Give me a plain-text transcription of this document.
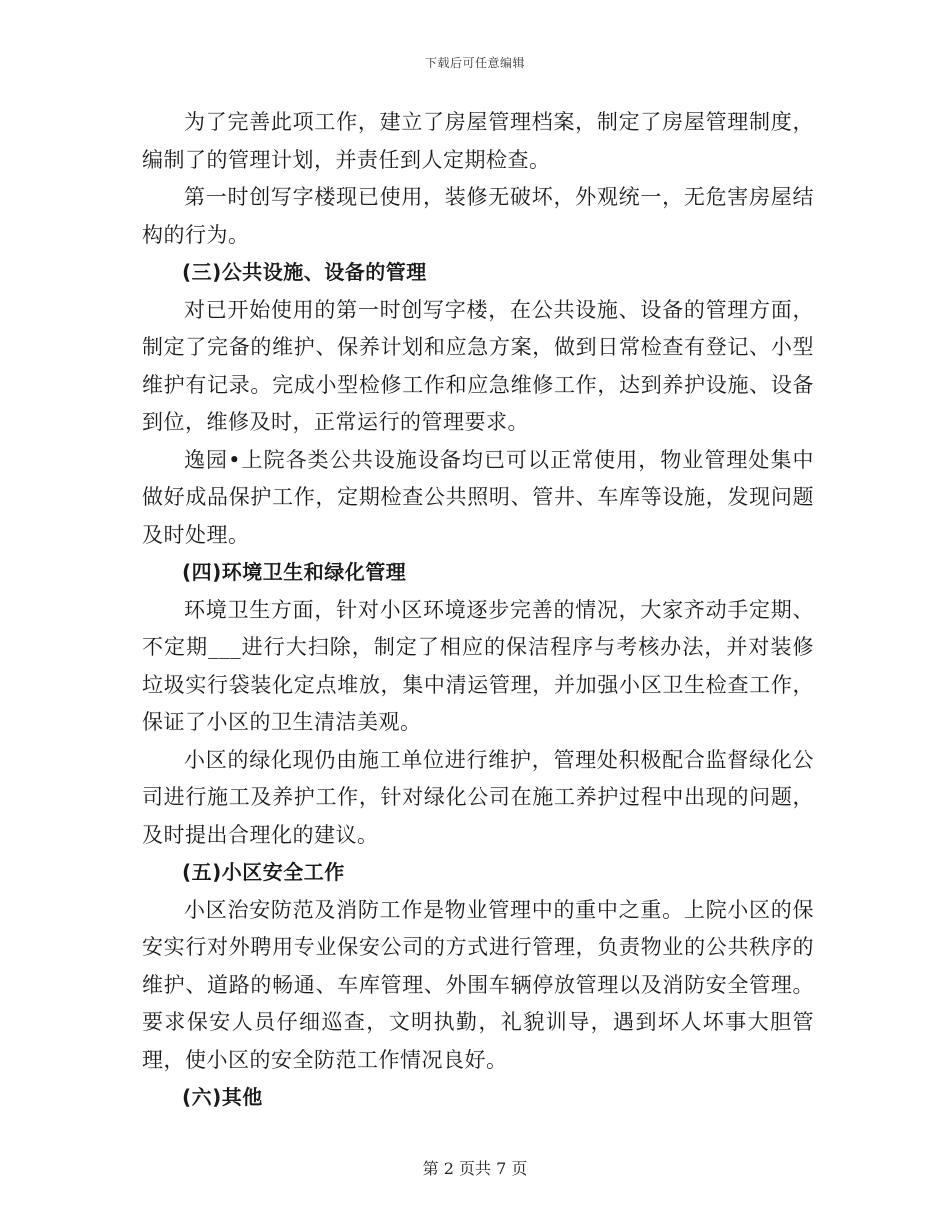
下载后可任意编辑

为了完善此项工作，建立了房屋管理档案，制定了房屋管理制度，编制了的管理计划，并责任到人定期检查。

第一时创写字楼现已使用，装修无破坏，外观统一，无危害房屋结构的行为。

(三)公共设施、设备的管理

对已开始使用的第一时创写字楼，在公共设施、设备的管理方面，制定了完备的维护、保养计划和应急方案，做到日常检查有登记、小型维护有记录。完成小型检修工作和应急维修工作，达到养护设施、设备到位，维修及时，正常运行的管理要求。

逸园•上院各类公共设施设备均已可以正常使用，物业管理处集中做好成品保护工作，定期检查公共照明、管井、车库等设施，发现问题及时处理。

(四)环境卫生和绿化管理

环境卫生方面，针对小区环境逐步完善的情况，大家齐动手定期、不定期___进行大扫除，制定了相应的保洁程序与考核办法，并对装修垃圾实行袋装化定点堆放，集中清运管理，并加强小区卫生检查工作，保证了小区的卫生清洁美观。

小区的绿化现仍由施工单位进行维护，管理处积极配合监督绿化公司进行施工及养护工作，针对绿化公司在施工养护过程中出现的问题，及时提出合理化的建议。

(五)小区安全工作

小区治安防范及消防工作是物业管理中的重中之重。上院小区的保安实行对外聘用专业保安公司的方式进行管理，负责物业的公共秩序的维护、道路的畅通、车库管理、外围车辆停放管理以及消防安全管理。要求保安人员仔细巡查，文明执勤，礼貌训导，遇到坏人坏事大胆管理，使小区的安全防范工作情况良好。

(六)其他

第 2 页共 7 页
